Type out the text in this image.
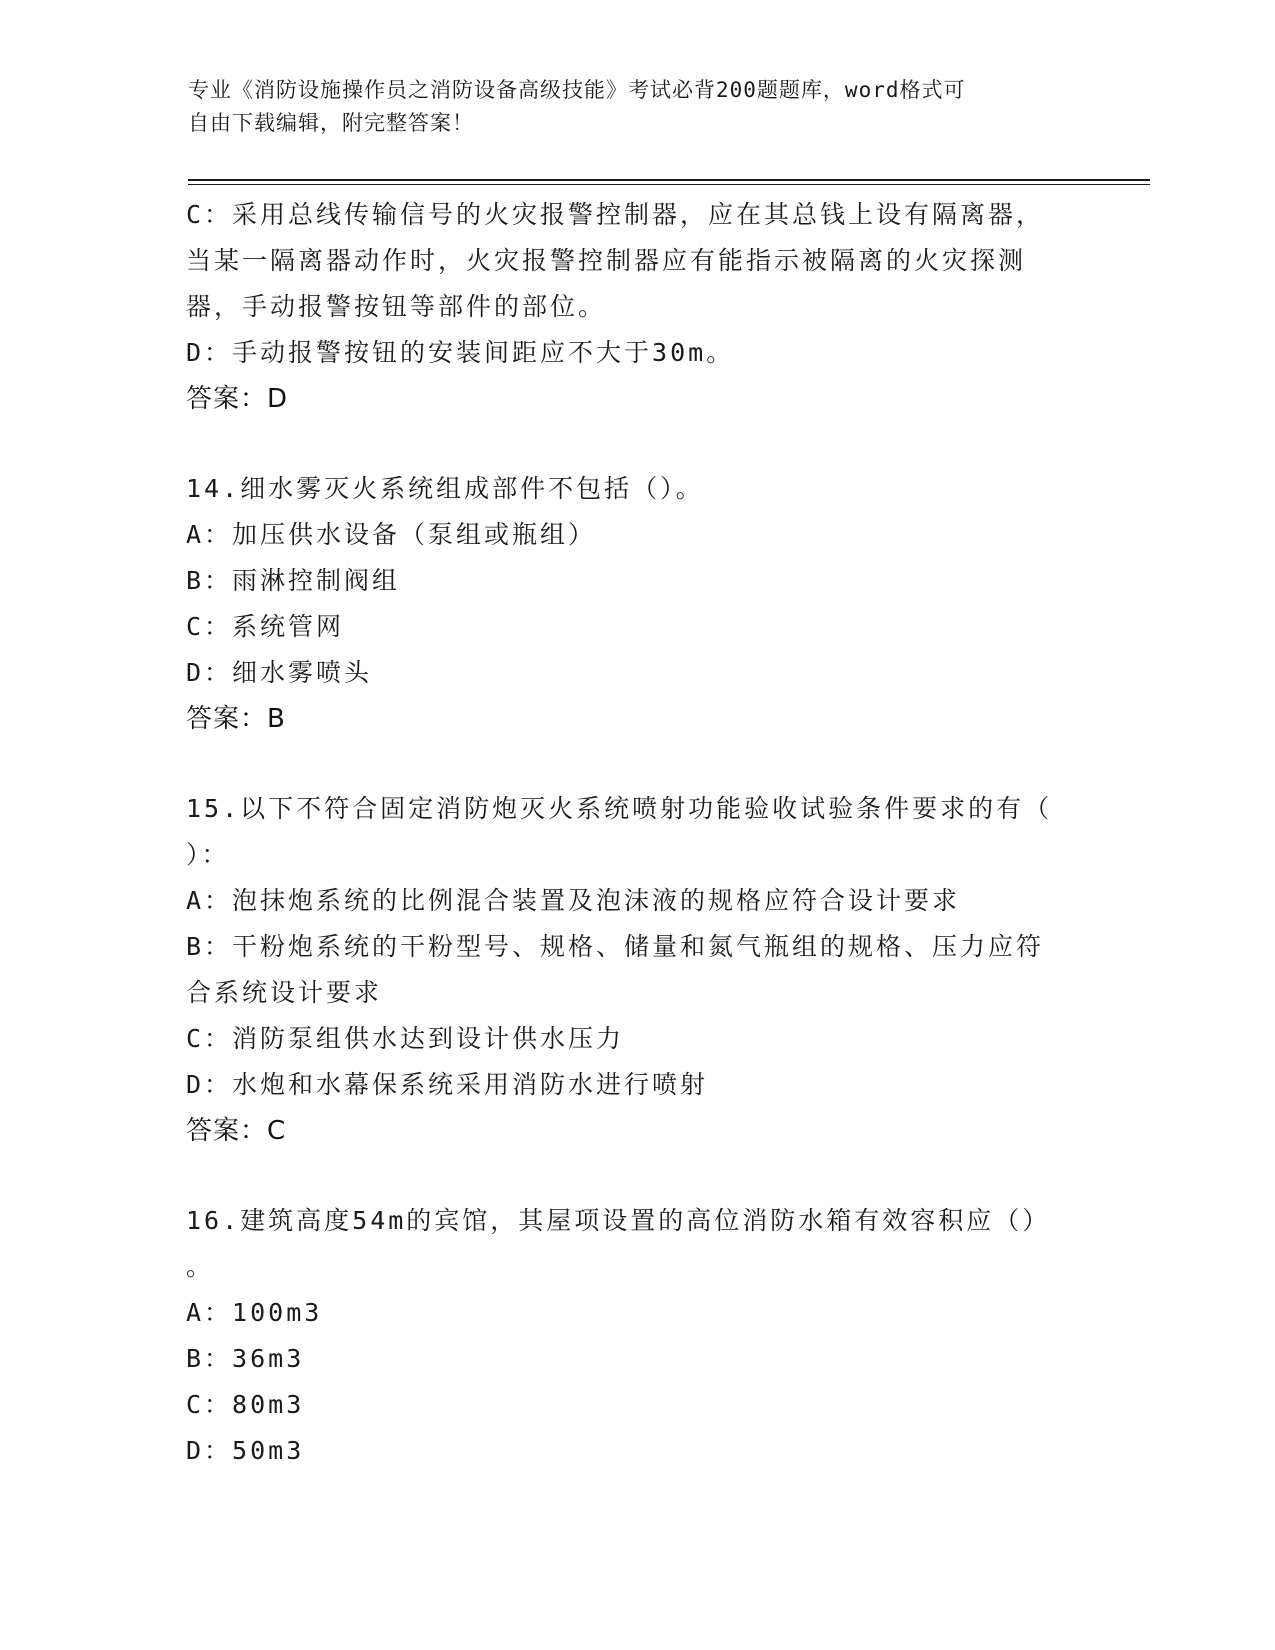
专业《消防设施操作员之消防设备高级技能》考试必背200题题库，word格式可
自由下载编辑，附完整答案！
C：采用总线传输信号的火灾报警控制器，应在其总钱上设有隔离器，
当某一隔离器动作时，火灾报警控制器应有能指示被隔离的火灾探测
器，手动报警按钮等部件的部位。
D：手动报警按钮的安装间距应不大于30m。
答案：D
14.细水雾灭火系统组成部件不包括（）。
A：加压供水设备（泵组或瓶组）
B：雨淋控制阀组
C：系统管网
D：细水雾喷头
答案：B
15.以下不符合固定消防炮灭火系统喷射功能验收试验条件要求的有（
）：
A：泡抹炮系统的比例混合装置及泡沫液的规格应符合设计要求
B：干粉炮系统的干粉型号、规格、储量和氮气瓶组的规格、压力应符
合系统设计要求
C：消防泵组供水达到设计供水压力
D：水炮和水幕保系统采用消防水进行喷射
答案：C
16.建筑高度54m的宾馆，其屋项设置的高位消防水箱有效容积应（）
。
A：100m3
B：36m3
C：80m3
D：50m3
